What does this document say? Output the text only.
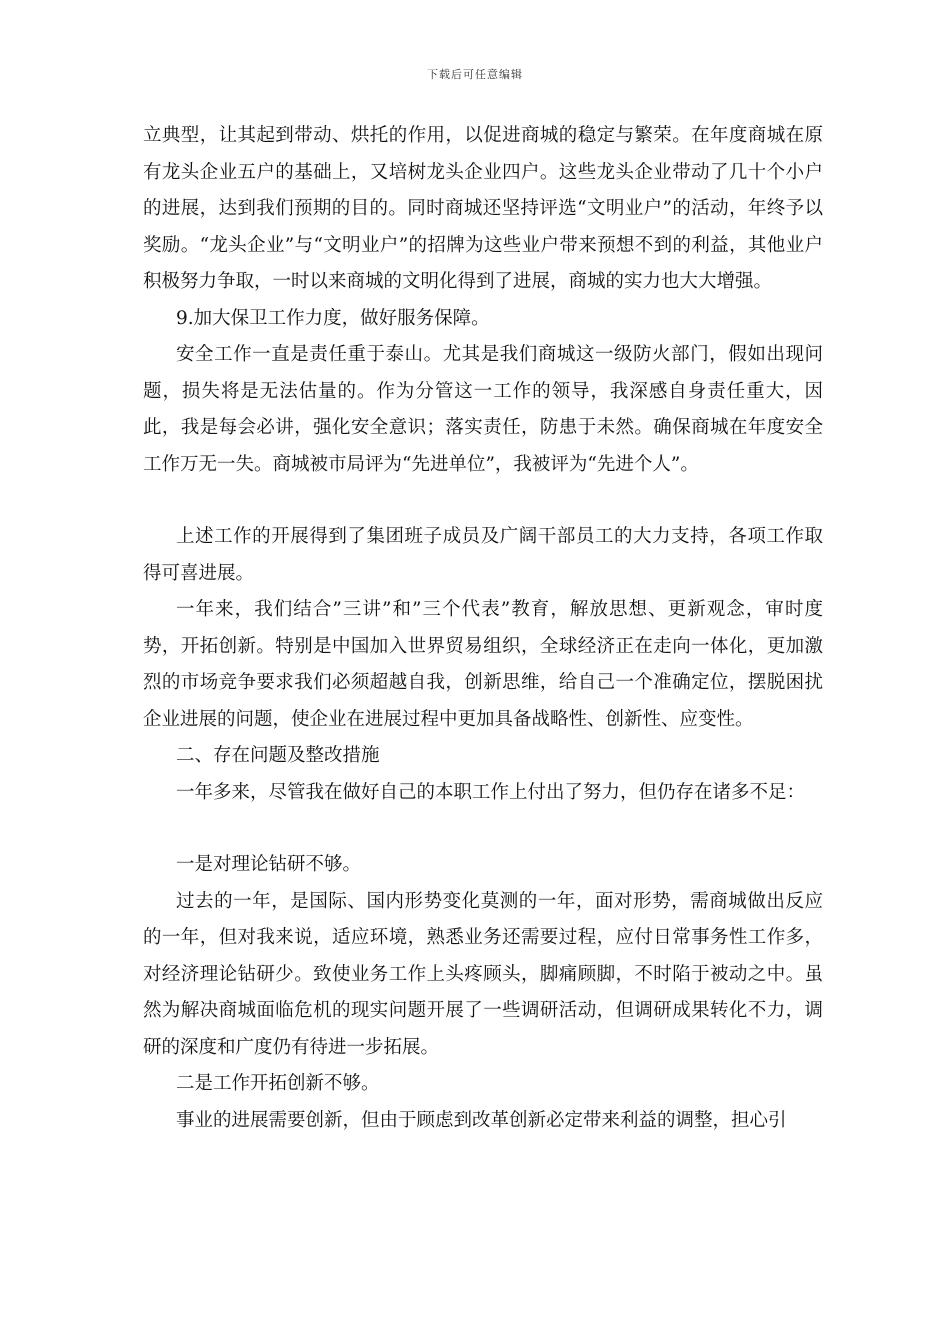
下载后可任意编辑

立典型，让其起到带动、烘托的作用，以促进商城的稳定与繁荣。在年度商城在原有龙头企业五户的基础上，又培树龙头企业四户。这些龙头企业带动了几十个小户的进展，达到我们预期的目的。同时商城还坚持评选“文明业户”的活动，年终予以奖励。“龙头企业”与“文明业户”的招牌为这些业户带来预想不到的利益，其他业户积极努力争取，一时以来商城的文明化得到了进展，商城的实力也大大增强。

9.加大保卫工作力度，做好服务保障。

安全工作一直是责任重于泰山。尤其是我们商城这一级防火部门，假如出现问题，损失将是无法估量的。作为分管这一工作的领导，我深感自身责任重大，因此，我是每会必讲，强化安全意识；落实责任，防患于未然。确保商城在年度安全工作万无一失。商城被市局评为“先进单位”，我被评为“先进个人”。

上述工作的开展得到了集团班子成员及广阔干部员工的大力支持，各项工作取得可喜进展。

一年来，我们结合”三讲”和”三个代表”教育，解放思想、更新观念，审时度势，开拓创新。特别是中国加入世界贸易组织，全球经济正在走向一体化，更加激烈的市场竞争要求我们必须超越自我，创新思维，给自己一个准确定位，摆脱困扰企业进展的问题，使企业在进展过程中更加具备战略性、创新性、应变性。

二、存在问题及整改措施

一年多来，尽管我在做好自己的本职工作上付出了努力，但仍存在诸多不足：

一是对理论钻研不够。

过去的一年，是国际、国内形势变化莫测的一年，面对形势，需商城做出反应的一年，但对我来说，适应环境，熟悉业务还需要过程，应付日常事务性工作多，对经济理论钻研少。致使业务工作上头疼顾头，脚痛顾脚，不时陷于被动之中。虽然为解决商城面临危机的现实问题开展了一些调研活动，但调研成果转化不力，调研的深度和广度仍有待进一步拓展。

二是工作开拓创新不够。

事业的进展需要创新，但由于顾虑到改革创新必定带来利益的调整，担心引
